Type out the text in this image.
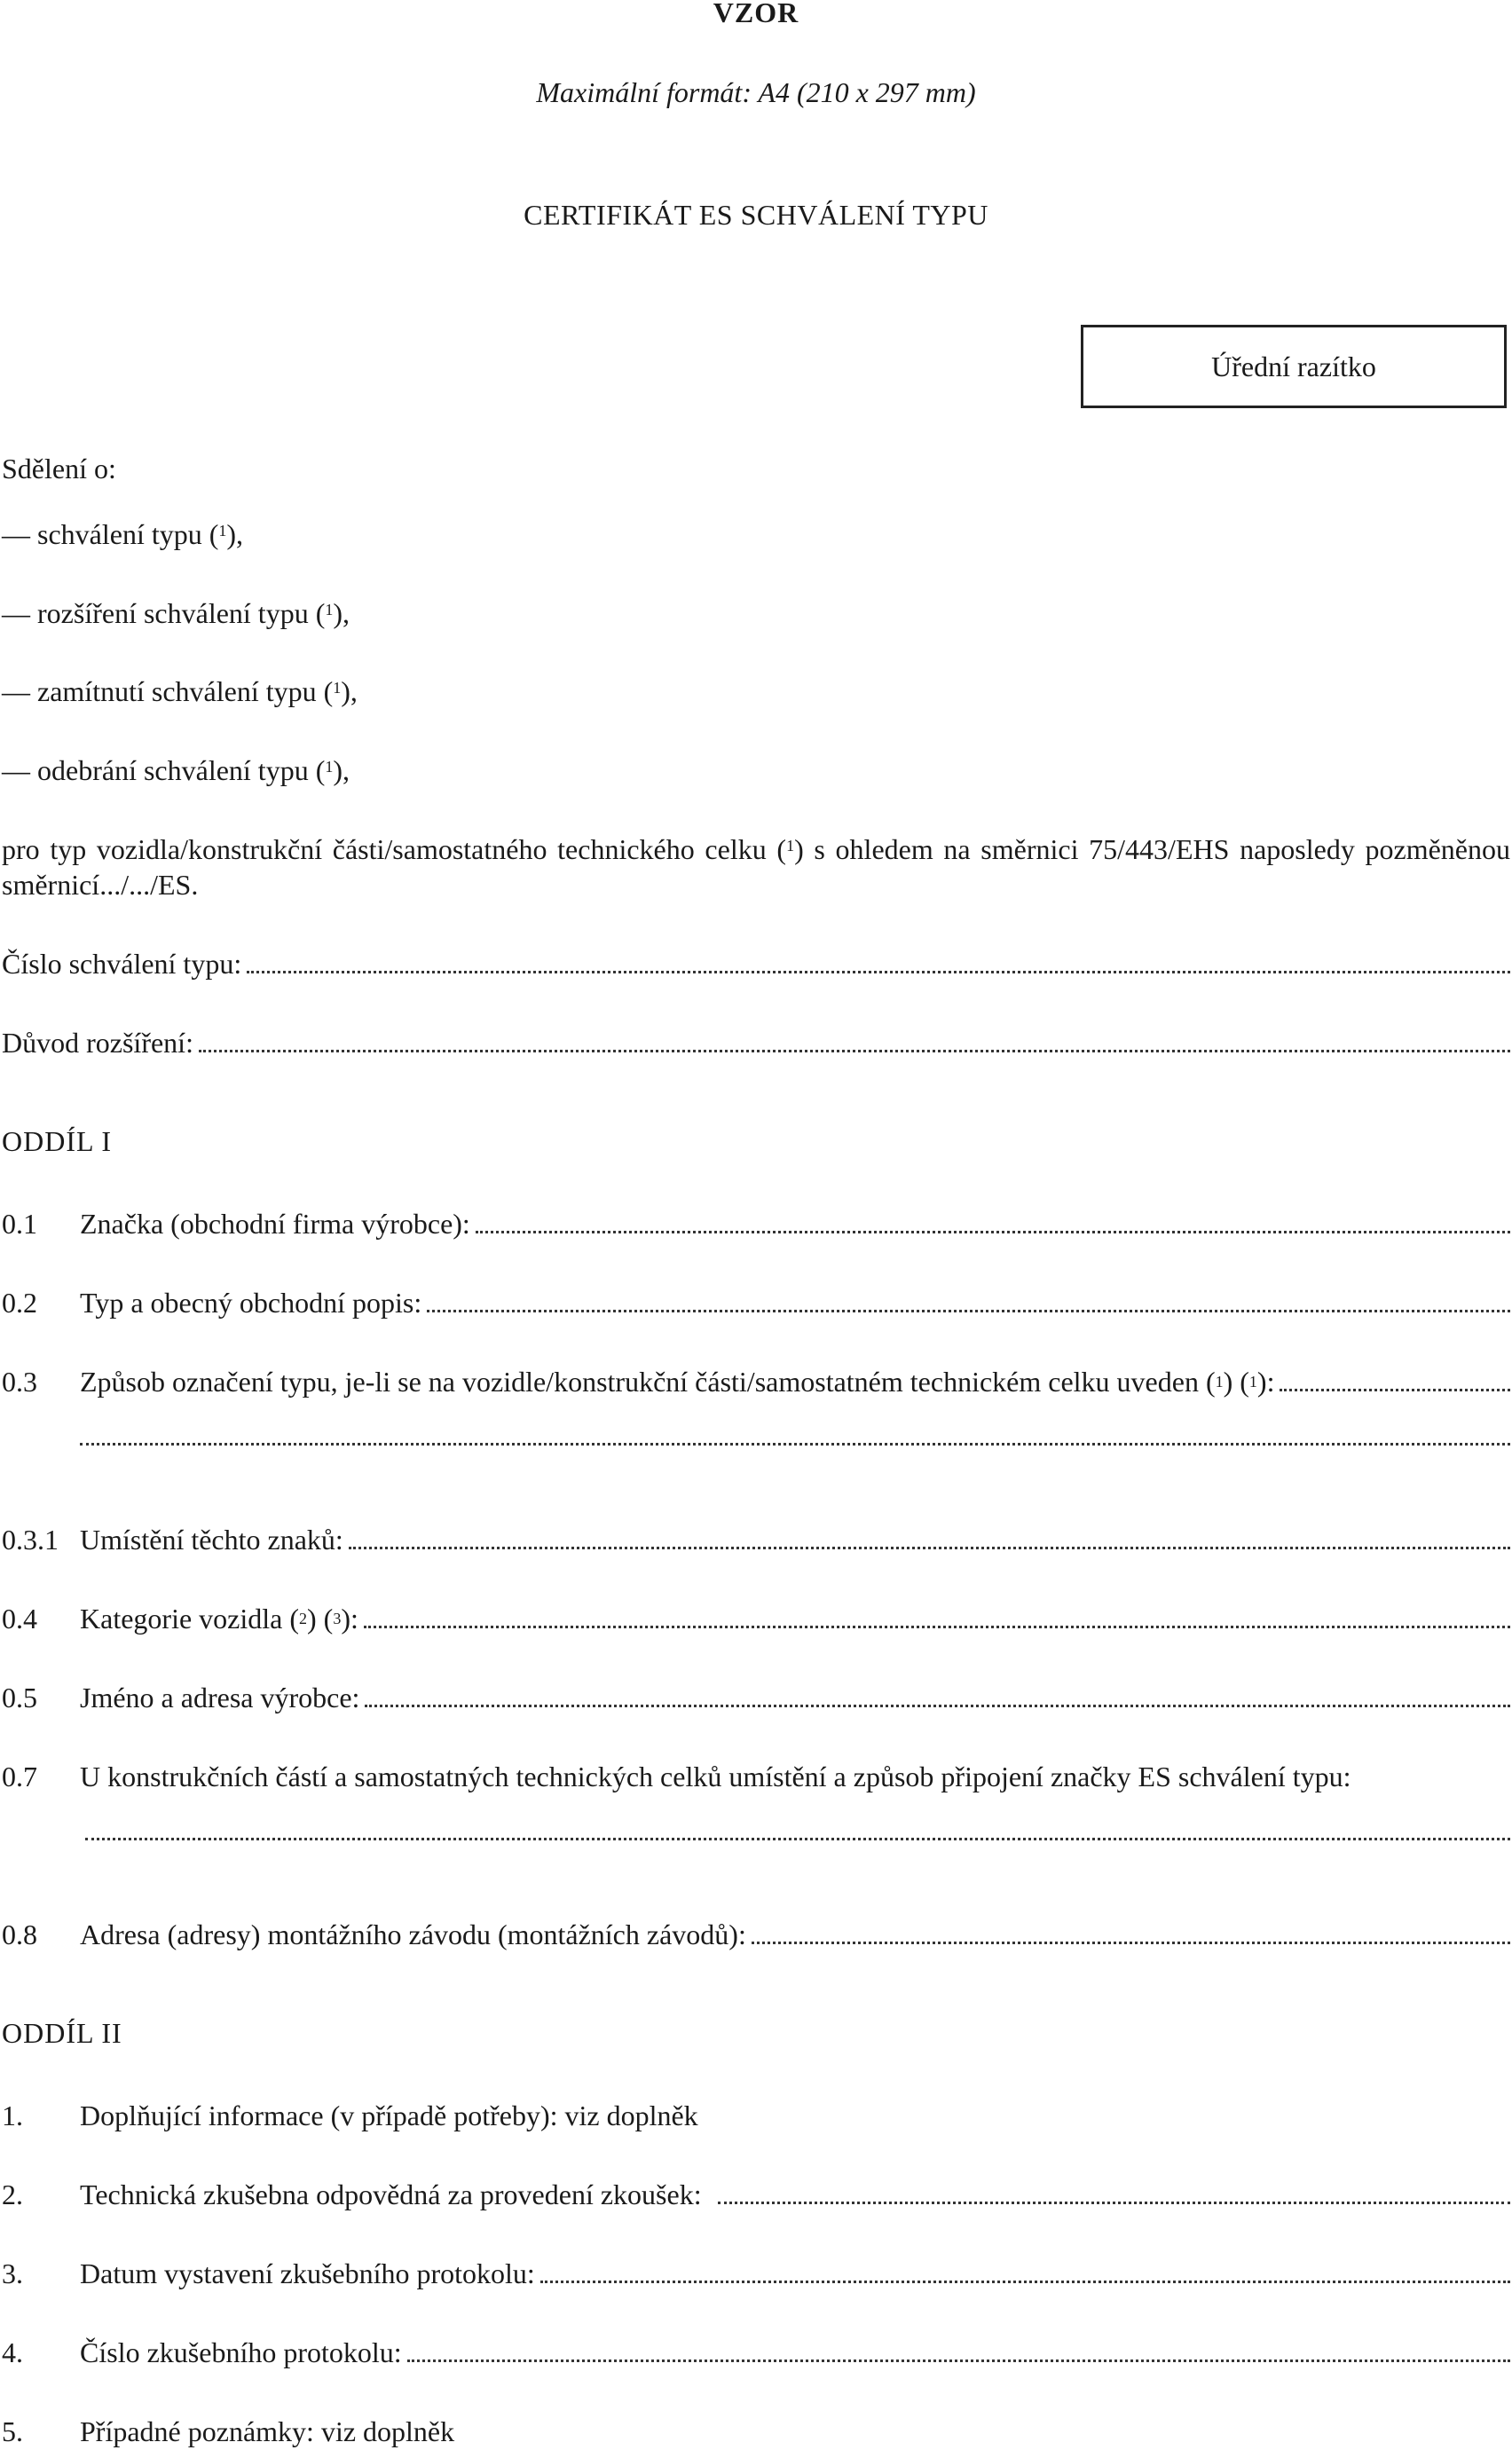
VZOR
Maximální formát: A4 (210 x 297 mm)
CERTIFIKÁT ES SCHVÁLENÍ TYPU
Úřední razítko
Sdělení o:
— schválení typu ($^1$),
— rozšíření schválení typu ($^1$),
— zamítnutí schválení typu ($^1$),
— odebrání schválení typu ($^1$),
pro typ vozidla/konstrukční části/samostatného technického celku ($^1$) s ohledem na směrnici 75/443/EHS naposledy pozměněnou směrnicí.../.../ES.
Číslo schválení typu:
Důvod rozšíření:
ODDÍL I
0.1	Značka (obchodní firma výrobce):
0.2	Typ a obecný obchodní popis:
0.3	Způsob označení typu, je-li se na vozidle/konstrukční části/samostatném technickém celku uveden ( 1 ) ( 1 ):
0.3.1 Umístění těchto znaků:
0.4	Kategorie vozidla ( 2 ) ( 3 ):
0.5	Jméno a adresa výrobce:
0.7	U konstrukčních částí a samostatných technických celků umístění a způsob připojení značky ES schválení typu:
0.8	Adresa (adresy) montážního závodu (montážních závodů):
ODDÍL II
1.	Doplňující informace (v případě potřeby): viz doplněk
2.	Technická zkušebna odpovědná za provedení zkoušek:
3.	Datum vystavení zkušebního protokolu:
4.	Číslo zkušebního protokolu:
5.	Případné poznámky: viz doplněk
